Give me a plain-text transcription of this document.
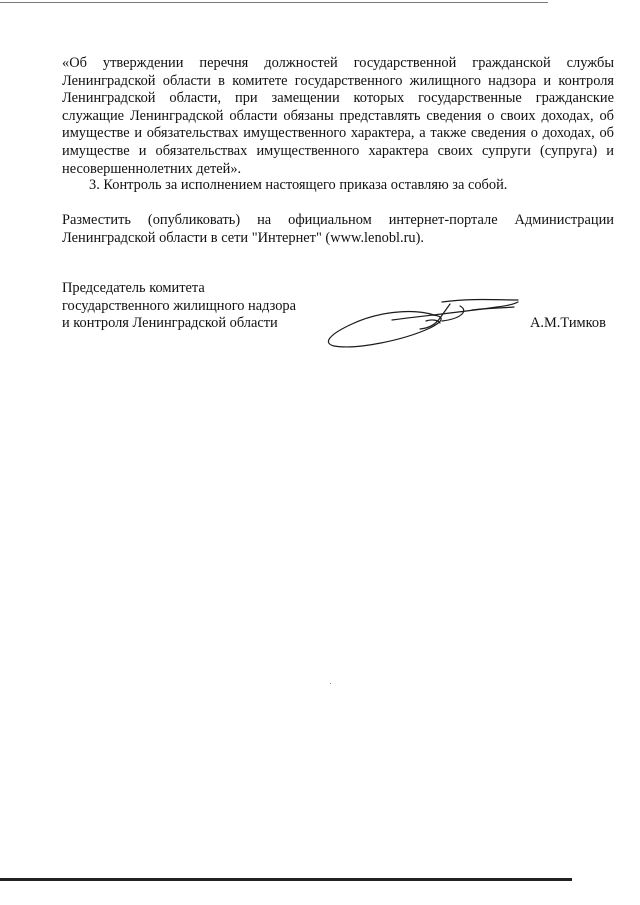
«Об утверждении перечня должностей государственной гражданской службы Ленинградской области в комитете государственного жилищного надзора и контроля Ленинградской области, при замещении которых государственные гражданские служащие Ленинградской области обязаны представлять сведения о своих доходах, об имуществе и обязательствах имущественного характера, а также сведения о доходах, об имуществе и обязательствах имущественного характера своих супруги (супруга) и несовершеннолетних детей».

3. Контроль за исполнением настоящего приказа оставляю за собой.

Разместить (опубликовать) на официальном интернет-портале Администрации Ленинградской области в сети "Интернет" (www.lenobl.ru).

Председатель комитета
государственного жилищного надзора
и контроля Ленинградской области	А.М.Тимков
